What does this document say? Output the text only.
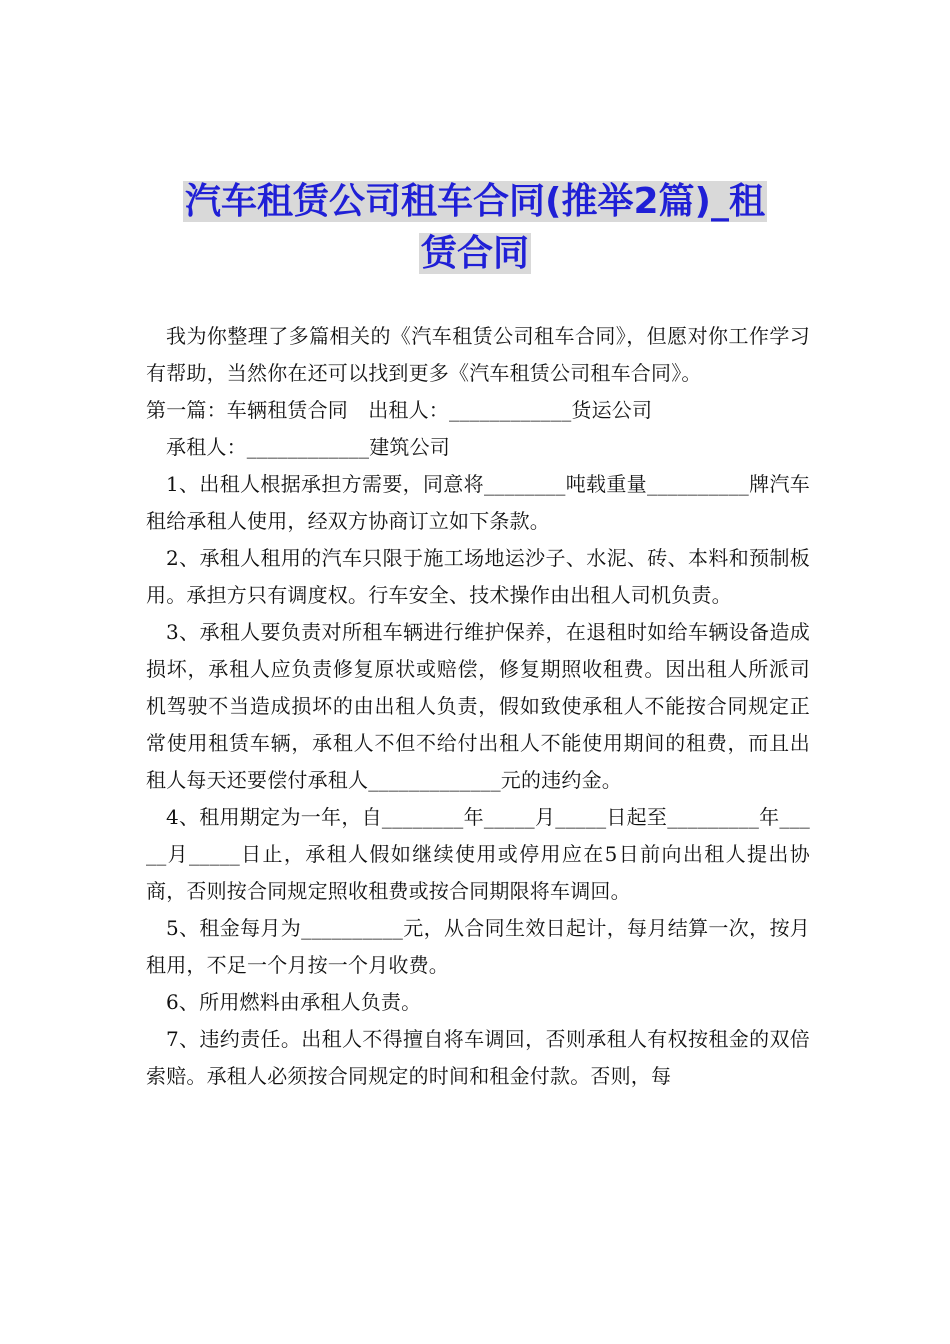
汽车租赁公司租车合同(推举2篇)_租
赁合同

我为你整理了多篇相关的《汽车租赁公司租车合同》，但愿对你工作学习有帮助，当然你在还可以找到更多《汽车租赁公司租车合同》。

第一篇：车辆租赁合同　出租人：____________货运公司

承租人：____________建筑公司

1、出租人根据承担方需要，同意将________吨载重量__________牌汽车租给承租人使用，经双方协商订立如下条款。

2、承租人租用的汽车只限于施工场地运沙子、水泥、砖、本料和预制板用。承担方只有调度权。行车安全、技术操作由出租人司机负责。

3、承租人要负责对所租车辆进行维护保养，在退租时如给车辆设备造成损坏，承租人应负责修复原状或赔偿，修复期照收租费。因出租人所派司机驾驶不当造成损坏的由出租人负责，假如致使承租人不能按合同规定正常使用租赁车辆，承租人不但不给付出租人不能使用期间的租费，而且出租人每天还要偿付承租人_____________元的违约金。

4、租用期定为一年，自________年_____月_____日起至_________年_____月_____日止，承租人假如继续使用或停用应在5日前向出租人提出协商，否则按合同规定照收租费或按合同期限将车调回。

5、租金每月为__________元，从合同生效日起计，每月结算一次，按月租用，不足一个月按一个月收费。

6、所用燃料由承租人负责。

7、违约责任。出租人不得擅自将车调回，否则承租人有权按租金的双倍索赔。承租人必须按合同规定的时间和租金付款。否则，每
